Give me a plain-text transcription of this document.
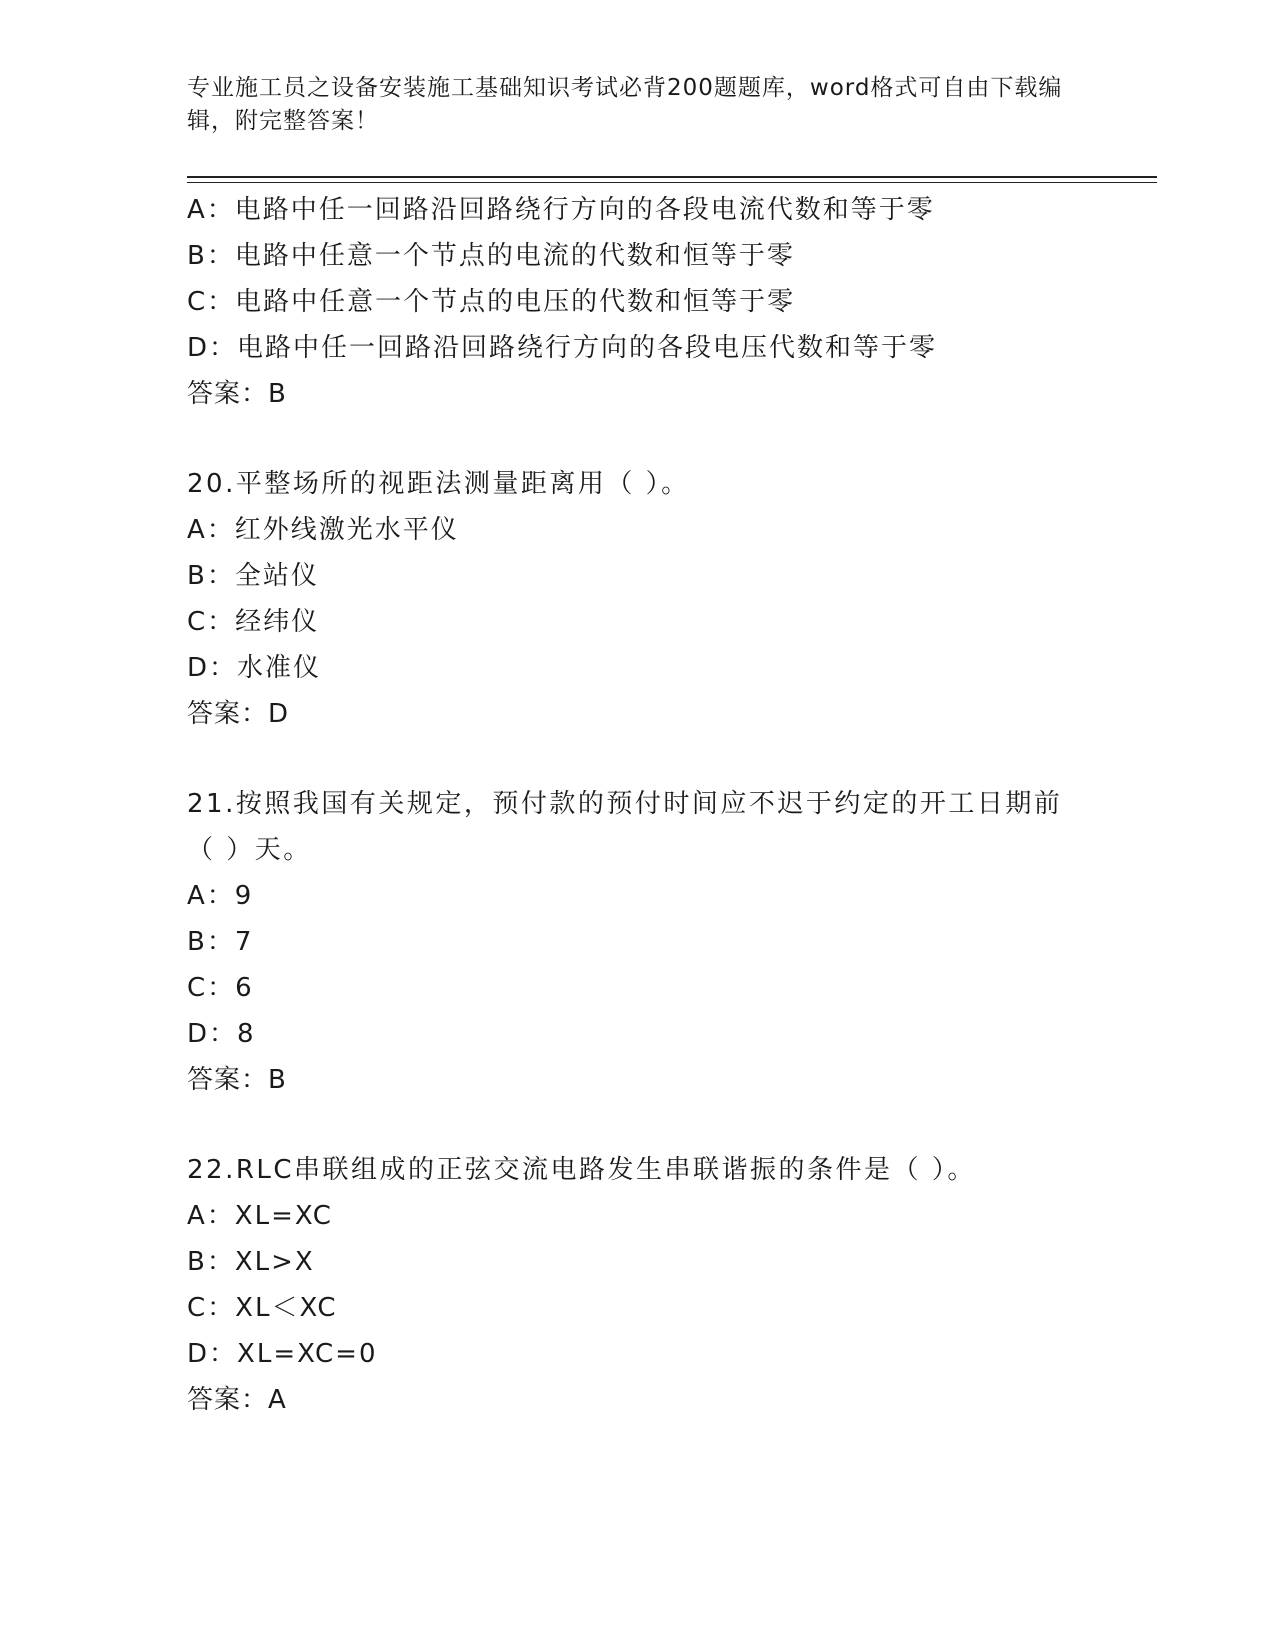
专业施工员之设备安装施工基础知识考试必背200题题库，word格式可自由下载编辑，附完整答案！
A：电路中任一回路沿回路绕行方向的各段电流代数和等于零
B：电路中任意一个节点的电流的代数和恒等于零
C：电路中任意一个节点的电压的代数和恒等于零
D：电路中任一回路沿回路绕行方向的各段电压代数和等于零
答案：B
20.平整场所的视距法测量距离用（ ）。
A：红外线激光水平仪
B：全站仪
C：经纬仪
D：水准仪
答案：D
21.按照我国有关规定，预付款的预付时间应不迟于约定的开工日期前（ ）天。
A：9
B：7
C：6
D：8
答案：B
22.RLC串联组成的正弦交流电路发生串联谐振的条件是（ ）。
A：XL=XC
B：XL>X
C：XL＜XC
D：XL=XC=0
答案：A
